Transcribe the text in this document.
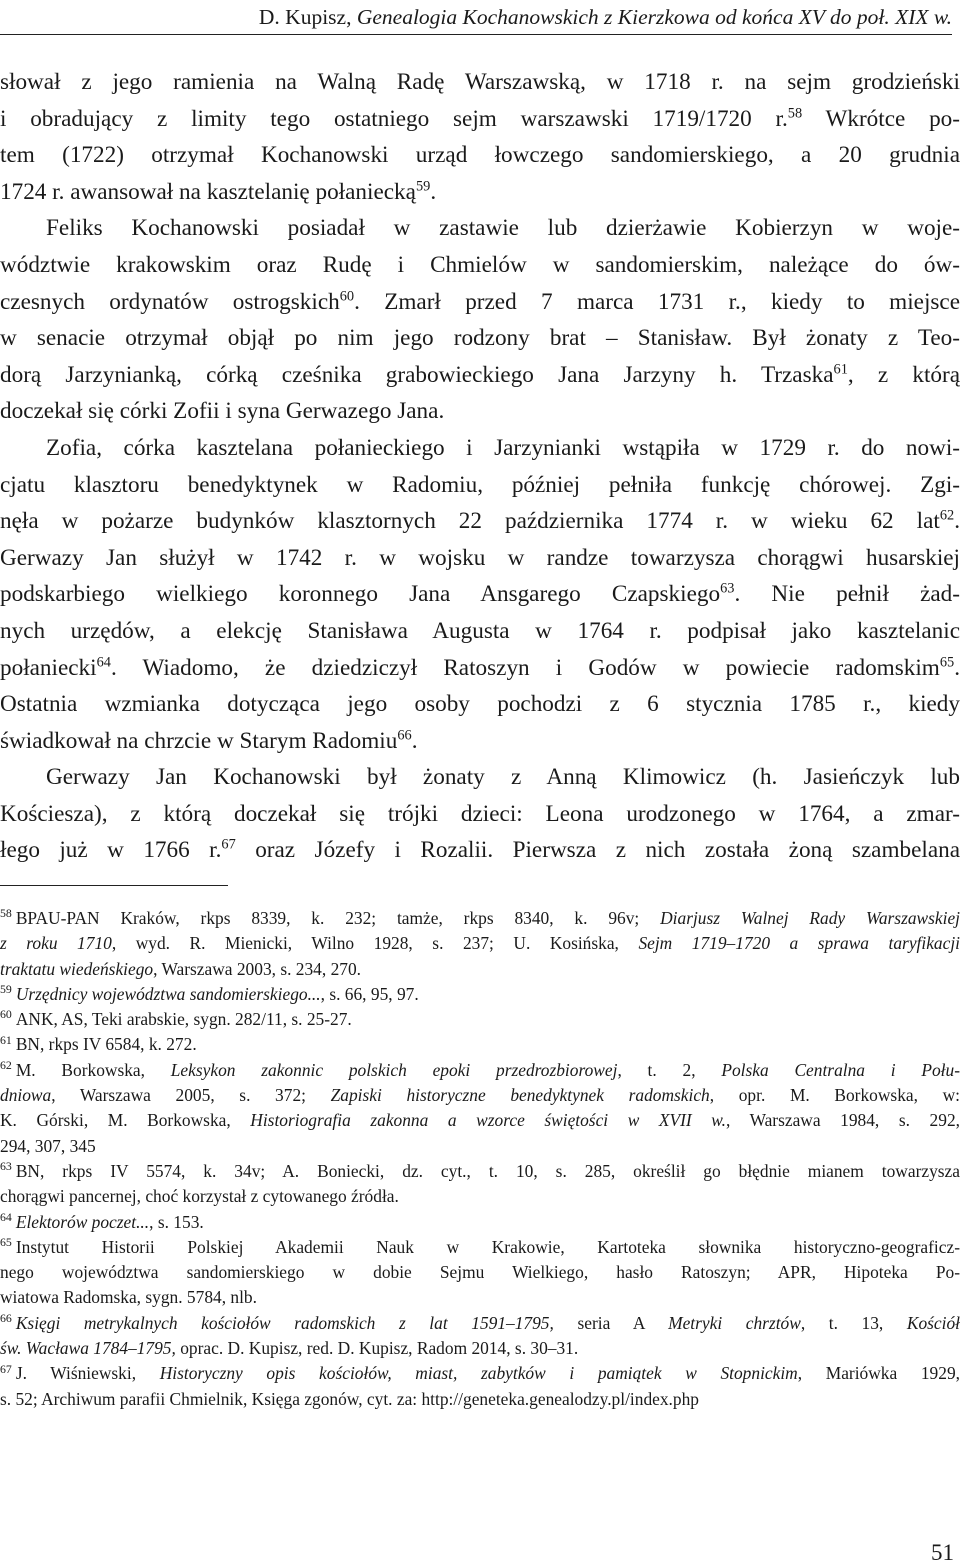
D. Kupisz, Genealogia Kochanowskich z Kierzkowa od końca XV do poł. XIX w.
słował z jego ramienia na Walną Radę Warszawską, w 1718 r. na sejm grodzieński
i obradujący z limity tego ostatniego sejm warszawski 1719/1720 r.$^{58}$ Wkrótce po-
tem (1722) otrzymał Kochanowski urząd łowczego sandomierskiego, a 20 grudnia
1724 r. awansował na kasztelanię połaniecką$^{59}$.
Feliks Kochanowski posiadał w zastawie lub dzierżawie Kobierzyn w woje-
wództwie krakowskim oraz Rudę i Chmielów w sandomierskim, należące do ów-
czesnych ordynatów ostrogskich$^{60}$. Zmarł przed 7 marca 1731 r., kiedy to miejsce
w senacie otrzymał objął po nim jego rodzony brat – Stanisław. Był żonaty z Teo-
dorą Jarzynianką, córką cześnika grabowieckiego Jana Jarzyny h. Trzaska$^{61}$, z którą
doczekał się córki Zofii i syna Gerwazego Jana.
Zofia, córka kasztelana połanieckiego i Jarzynianki wstąpiła w 1729 r. do nowi-
cjatu klasztoru benedyktynek w Radomiu, później pełniła funkcję chórowej. Zgi-
nęła w pożarze budynków klasztornych 22 października 1774 r. w wieku 62 lat$^{62}$.
Gerwazy Jan służył w 1742 r. w wojsku w randze towarzysza chorągwi husarskiej
podskarbiego wielkiego koronnego Jana Ansgarego Czapskiego$^{63}$. Nie pełnił żad-
nych urzędów, a elekcję Stanisława Augusta w 1764 r. podpisał jako kasztelanic
połaniecki$^{64}$. Wiadomo, że dziedziczył Ratoszyn i Godów w powiecie radomskim$^{65}$.
Ostatnia wzmianka dotycząca jego osoby pochodzi z 6 stycznia 1785 r., kiedy
świadkował na chrzcie w Starym Radomiu$^{66}$.
Gerwazy Jan Kochanowski był żonaty z Anną Klimowicz (h. Jasieńczyk lub
Kościesza), z którą doczekał się trójki dzieci: Leona urodzonego w 1764, a zmar-
łego już w 1766 r.$^{67}$ oraz Józefy i Rozalii. Pierwsza z nich została żoną szambelana
$^{58}$ BPAU-PAN Kraków, rkps 8339, k. 232; tamże, rkps 8340, k. 96v; Diarjusz Walnej Rady Warszawskiej
z roku 1710, wyd. R. Mienicki, Wilno 1928, s. 237; U. Kosińska, Sejm 1719–1720 a sprawa taryfikacji
traktatu wiedeńskiego, Warszawa 2003, s. 234, 270.
$^{59}$ Urzędnicy województwa sandomierskiego..., s. 66, 95, 97.
$^{60}$ ANK, AS, Teki arabskie, sygn. 282/11, s. 25-27.
$^{61}$ BN, rkps IV 6584, k. 272.
$^{62}$ M. Borkowska, Leksykon zakonnic polskich epoki przedrozbiorowej, t. 2, Polska Centralna i Połu-
dniowa, Warszawa 2005, s. 372; Zapiski historyczne benedyktynek radomskich, opr. M. Borkowska, w:
K. Górski, M. Borkowska, Historiografia zakonna a wzorce świętości w XVII w., Warszawa 1984, s. 292,
294, 307, 345
$^{63}$ BN, rkps IV 5574, k. 34v; A. Boniecki, dz. cyt., t. 10, s. 285, określił go błędnie mianem towarzysza
chorągwi pancernej, choć korzystał z cytowanego źródła.
$^{64}$ Elektorów poczet..., s. 153.
$^{65}$ Instytut Historii Polskiej Akademii Nauk w Krakowie, Kartoteka słownika historyczno-geograficz-
nego województwa sandomierskiego w dobie Sejmu Wielkiego, hasło Ratoszyn; APR, Hipoteka Po-
wiatowa Radomska, sygn. 5784, nlb.
$^{66}$ Księgi metrykalnych kościołów radomskich z lat 1591–1795, seria A Metryki chrztów, t. 13, Kościół
św. Wacława 1784–1795, oprac. D. Kupisz, red. D. Kupisz, Radom 2014, s. 30–31.
$^{67}$ J. Wiśniewski, Historyczny opis kościołów, miast, zabytków i pamiątek w Stopnickim, Mariówka 1929,
s. 52; Archiwum parafii Chmielnik, Księga zgonów, cyt. za: http://geneteka.genealodzy.pl/index.php
51
